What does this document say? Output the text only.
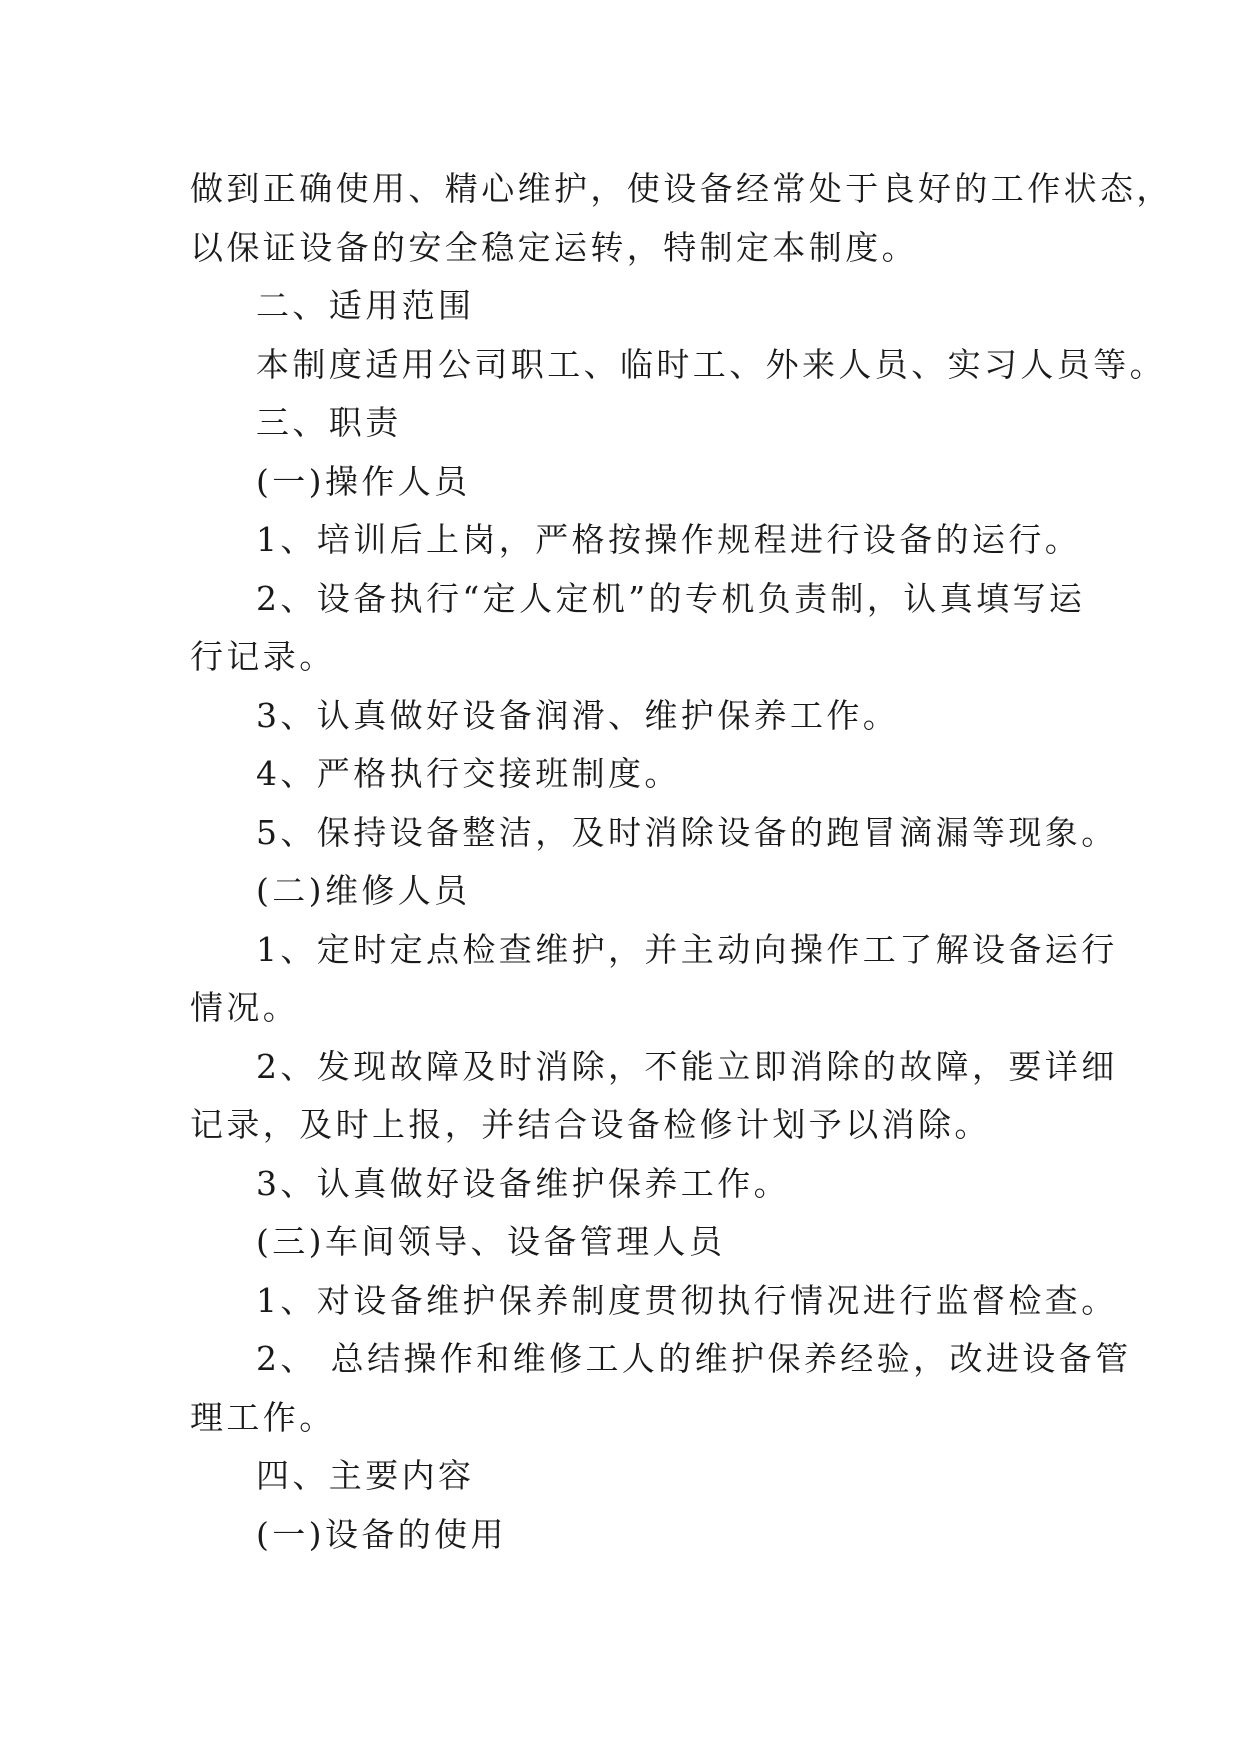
做到正确使用、精心维护，使设备经常处于良好的工作状态，
以保证设备的安全稳定运转，特制定本制度。
二、适用范围
本制度适用公司职工、临时工、外来人员、实习人员等。
三、职责
(一)操作人员
1、培训后上岗，严格按操作规程进行设备的运行。
2、设备执行“定人定机”的专机负责制，认真填写运
行记录。
3、认真做好设备润滑、维护保养工作。
4、严格执行交接班制度。
5、保持设备整洁，及时消除设备的跑冒滴漏等现象。
(二)维修人员
1、定时定点检查维护，并主动向操作工了解设备运行
情况。
2、发现故障及时消除，不能立即消除的故障，要详细
记录，及时上报，并结合设备检修计划予以消除。
3、认真做好设备维护保养工作。
(三)车间领导、设备管理人员
1、对设备维护保养制度贯彻执行情况进行监督检查。
2、 总结操作和维修工人的维护保养经验，改进设备管
理工作。
四、主要内容
(一)设备的使用
